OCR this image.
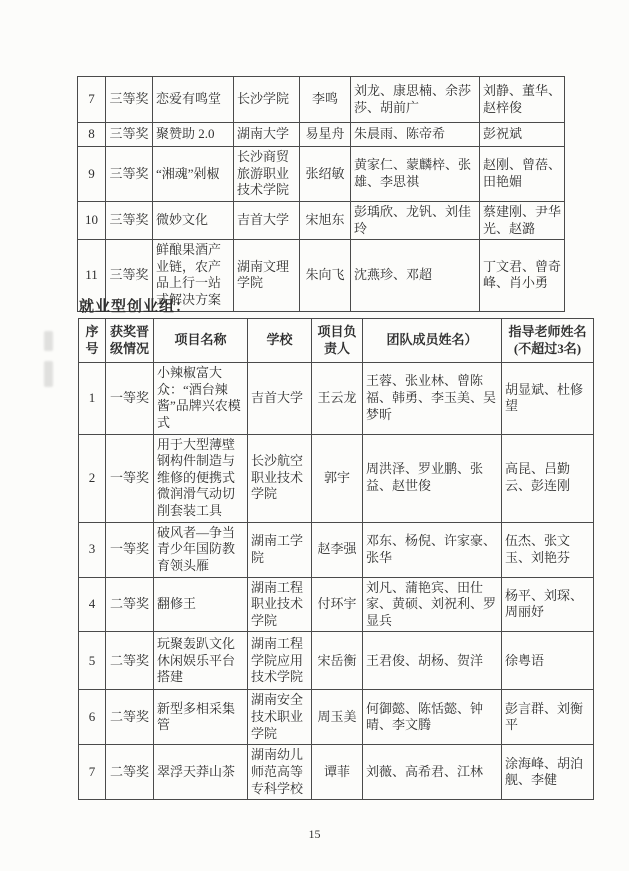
7	三等奖	恋爱有鸣堂	长沙学院	李鸣	刘龙、康思楠、余莎莎、胡前广	刘静、董华、赵梓俊
8	三等奖	聚赞助 2.0	湖南大学	易星舟	朱晨雨、陈帝希	彭祝斌
9	三等奖	“湘魂”剁椒	长沙商贸旅游职业技术学院	张绍敏	黄家仁、蒙麟梓、张雄、李思祺	赵刚、曾蓓、田艳媚
10	三等奖	微妙文化	吉首大学	宋旭东	彭瑀欣、龙钒、刘佳玲	蔡建刚、尹华光、赵潞
11	三等奖	鲜酿果酒产业链，农产品上行一站式解决方案	湖南文理学院	朱向飞	沈燕珍、邓超	丁文君、曾奇峰、肖小勇
就业型创业组：
序号	获奖晋级情况	项目名称	学校	项目负责人	团队成员姓名）	指导老师姓名(不超过3名)
1	一等奖	小辣椒富大众：“酒台辣酱”品牌兴农模式	吉首大学	王云龙	王蓉、张业林、曾陈福、韩勇、李玉美、吴梦昕	胡显斌、杜修望
2	一等奖	用于大型薄壁钢构件制造与维修的便携式微润滑气动切削套装工具	长沙航空职业技术学院	郭宇	周洪泽、罗业鹏、张益、赵世俊	高昆、吕勤云、彭连刚
3	一等奖	破风者—争当青少年国防教育领头雁	湖南工学院	赵李强	邓东、杨倪、许家豪、张华	伍杰、张文玉、刘艳芬
4	二等奖	翻修王	湖南工程职业技术学院	付环宇	刘凡、蒲艳宾、田仕家、黄硕、刘祝利、罗显兵	杨平、刘琛、周丽妤
5	二等奖	玩聚轰趴文化休闲娱乐平台搭建	湖南工程学院应用技术学院	宋岳衡	王君俊、胡杨、贺洋	徐粤语
6	二等奖	新型多相采集管	湖南安全技术职业学院	周玉美	何御懿、陈恬懿、钟晴、李文腾	彭言群、刘衡平
7	二等奖	翠浮天莽山茶	湖南幼儿师范高等专科学校	谭菲	刘薇、高希君、江林	涂海峰、胡泊舰、李健
15
